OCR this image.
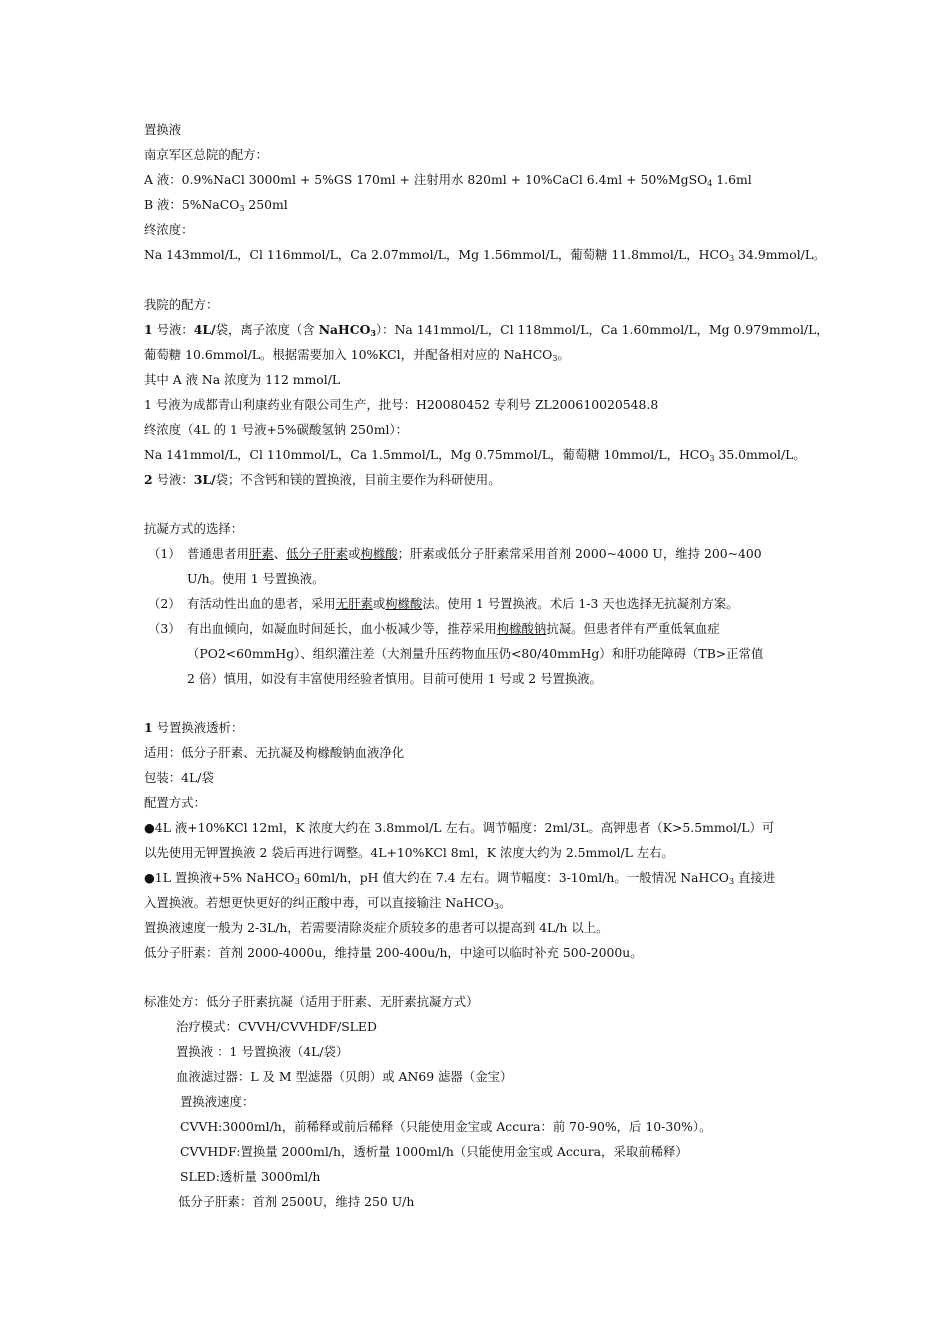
置换液
南京军区总院的配方：
A 液：0.9%NaCl 3000ml + 5%GS 170ml + 注射用水 820ml + 10%CaCl 6.4ml + 50%MgSO$_4$ 1.6ml
B 液：5%NaCO$_3$ 250ml
终浓度：
Na 143mmol/L，Cl 116mmol/L，Ca 2.07mmol/L，Mg 1.56mmol/L，葡萄糖 11.8mmol/L，$HCO_3$ 34.9mmol/L。
我院的配方：
1 号液：4L/袋，离子浓度（含 NaHCO$_3$）：Na 141mmol/L，Cl 118mmol/L，Ca 1.60mmol/L，Mg 0.979mmol/L，
葡萄糖 10.6mmol/L。根据需要加入 10%KCl，并配备相对应的 NaHCO$_3$。
其中 A 液 Na 浓度为 112 mmol/L
1 号液为成都青山利康药业有限公司生产，批号：H20080452 专利号 ZL200610020548.8
终浓度（4L 的 1 号液+5%碳酸氢钠 250ml）：
Na 141mmol/L，Cl 110mmol/L，Ca 1.5mmol/L，Mg 0.75mmol/L，葡萄糖 10mmol/L，$HCO_3$ 35.0mmol/L。
2 号液：3L/袋；不含钙和镁的置换液，目前主要作为科研使用。
抗凝方式的选择：
（1） 普通患者用肝素、低分子肝素或枸橼酸；肝素或低分子肝素常采用首剂 2000~4000 U，维持 200~400
U/h。使用 1 号置换液。
（2） 有活动性出血的患者，采用无肝素或枸橼酸法。使用 1 号置换液。术后 1-3 天也选择无抗凝剂方案。
（3） 有出血倾向，如凝血时间延长，血小板减少等，推荐采用枸橼酸钠抗凝。但患者伴有严重低氧血症
（PO2<60mmHg）、组织灌注差（大剂量升压药物血压仍<80/40mmHg）和肝功能障碍（TB>正常值
2 倍）慎用，如没有丰富使用经验者慎用。目前可使用 1 号或 2 号置换液。
1 号置换液透析：
适用：低分子肝素、无抗凝及枸橼酸钠血液净化
包装：4L/袋
配置方式：
●4L 液+10%KCl 12ml，K 浓度大约在 3.8mmol/L 左右。调节幅度：2ml/3L。高钾患者（K>5.5mmol/L）可
以先使用无钾置换液 2 袋后再进行调整。4L+10%KCl 8ml，K 浓度大约为 2.5mmol/L 左右。
●1L 置换液+5% NaHCO$_3$ 60ml/h，pH 值大约在 7.4 左右。调节幅度：3-10ml/h。一般情况 NaHCO$_3$ 直接进
入置换液。若想更快更好的纠正酸中毒，可以直接输注 NaHCO$_3$。
置换液速度一般为 2-3L/h，若需要清除炎症介质较多的患者可以提高到 4L/h 以上。
低分子肝素：首剂 2000-4000u，维持量 200-400u/h，中途可以临时补充 500-2000u。
标准处方：低分子肝素抗凝（适用于肝素、无肝素抗凝方式）
治疗模式：CVVH/CVVHDF/SLED
置换液 ：1 号置换液（4L/袋）
血液滤过器：L 及 M 型滤器（贝朗）或 AN69 滤器（金宝）
置换液速度：
CVVH:3000ml/h，前稀释或前后稀释（只能使用金宝或 Accura：前 70-90%，后 10-30%）。
CVVHDF:置换量 2000ml/h，透析量 1000ml/h（只能使用金宝或 Accura，采取前稀释）
SLED:透析量 3000ml/h
低分子肝素：首剂 2500U，维持 250 U/h
